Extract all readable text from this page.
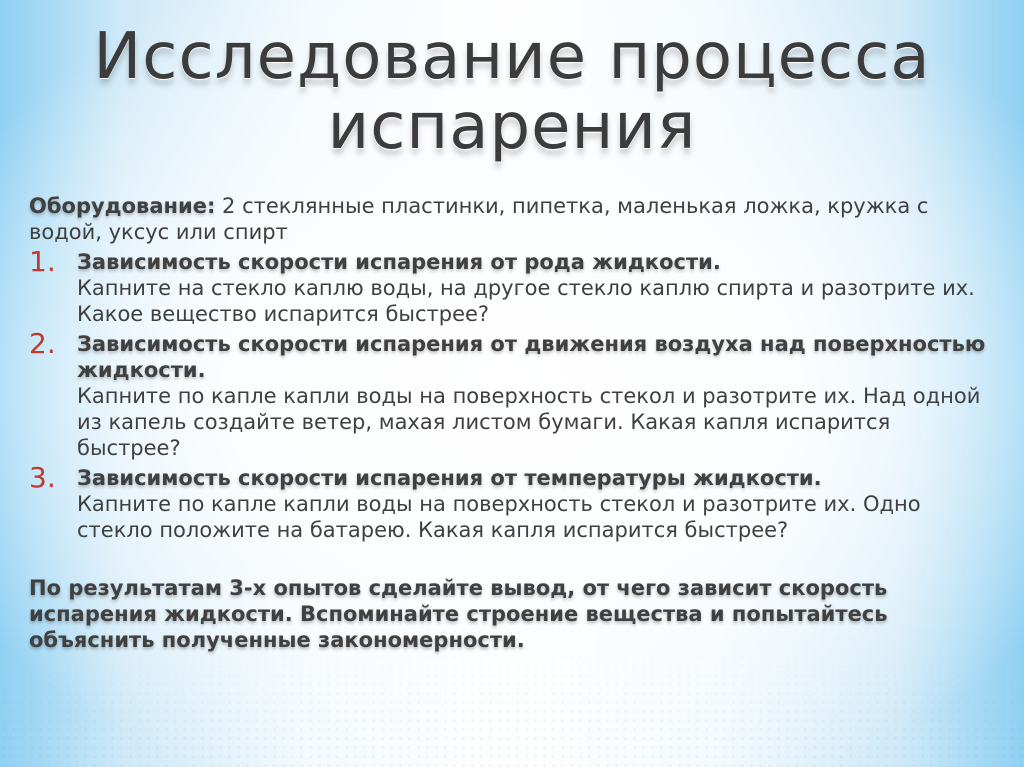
Исследование процесса
испарения
Оборудование: 2 стеклянные пластинки, пипетка, маленькая ложка, кружка с водой, уксус или спирт
1. Зависимость скорости испарения от рода жидкости.
Капните на стекло каплю воды, на другое стекло каплю спирта и разотрите их. Какое вещество испарится быстрее?
2. Зависимость скорости испарения от движения воздуха над поверхностью жидкости.
Капните по капле капли воды на поверхность стекол и разотрите их. Над одной из капель создайте ветер, махая листом бумаги. Какая капля испарится быстрее?
3. Зависимость скорости испарения от температуры жидкости.
Капните по капле капли воды на поверхность стекол и разотрите их. Одно стекло положите на батарею. Какая капля испарится быстрее?
По результатам 3-х опытов сделайте вывод, от чего зависит скорость испарения жидкости. Вспоминайте строение вещества и попытайтесь объяснить полученные закономерности.
